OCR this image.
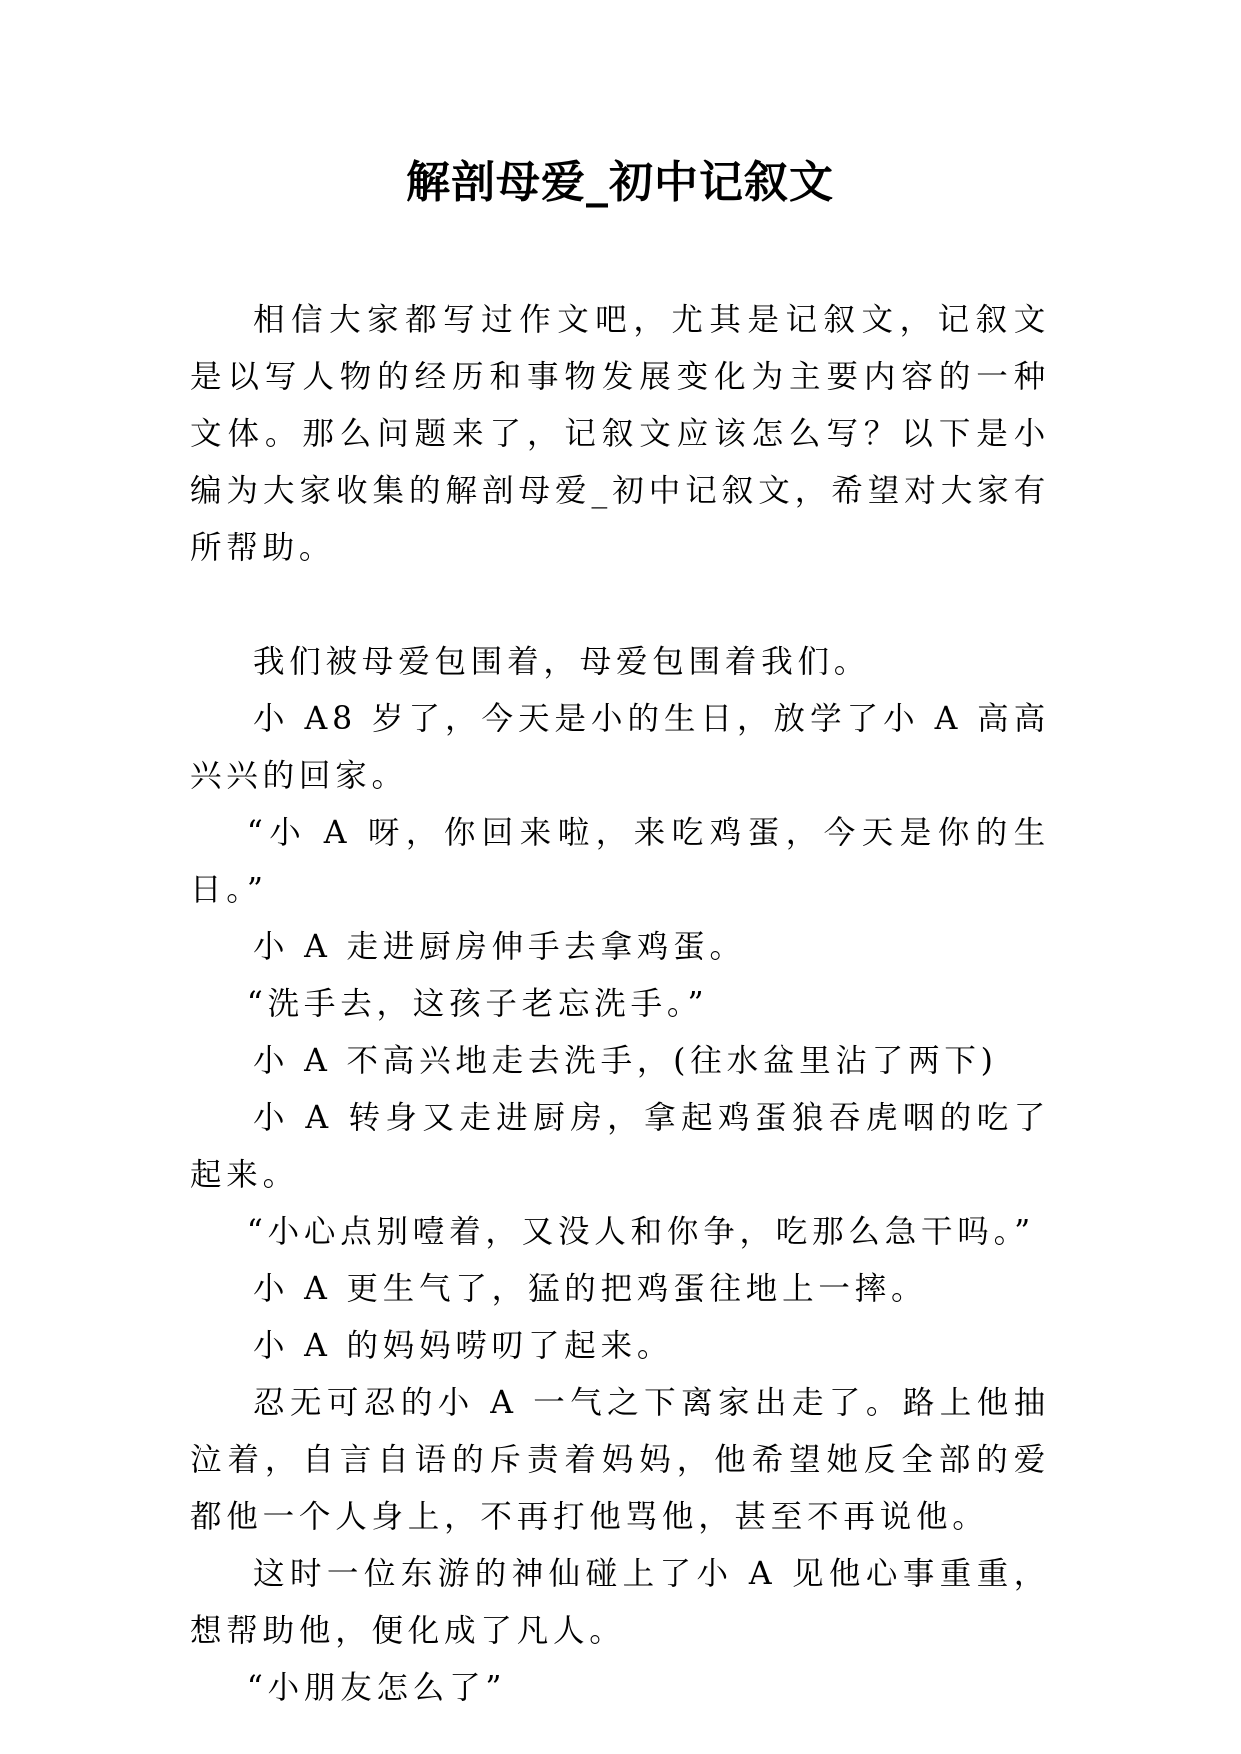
解剖母爱_初中记叙文

相信大家都写过作文吧，尤其是记叙文，记叙文是以写人物的经历和事物发展变化为主要内容的一种文体。那么问题来了，记叙文应该怎么写？以下是小编为大家收集的解剖母爱_初中记叙文，希望对大家有所帮助。

我们被母爱包围着，母爱包围着我们。

小 A8 岁了，今天是小的生日，放学了小 A 高高兴兴的回家。

“小 A 呀，你回来啦，来吃鸡蛋，今天是你的生日。”

小 A 走进厨房伸手去拿鸡蛋。

“洗手去，这孩子老忘洗手。”

小 A 不高兴地走去洗手，(往水盆里沾了两下)

小 A 转身又走进厨房，拿起鸡蛋狼吞虎咽的吃了起来。

“小心点别噎着，又没人和你争，吃那么急干吗。”

小 A 更生气了，猛的把鸡蛋往地上一摔。

小 A 的妈妈唠叨了起来。

忍无可忍的小 A 一气之下离家出走了。路上他抽泣着，自言自语的斥责着妈妈，他希望她反全部的爱都他一个人身上，不再打他骂他，甚至不再说他。

这时一位东游的神仙碰上了小 A 见他心事重重，想帮助他，便化成了凡人。

“小朋友怎么了”
